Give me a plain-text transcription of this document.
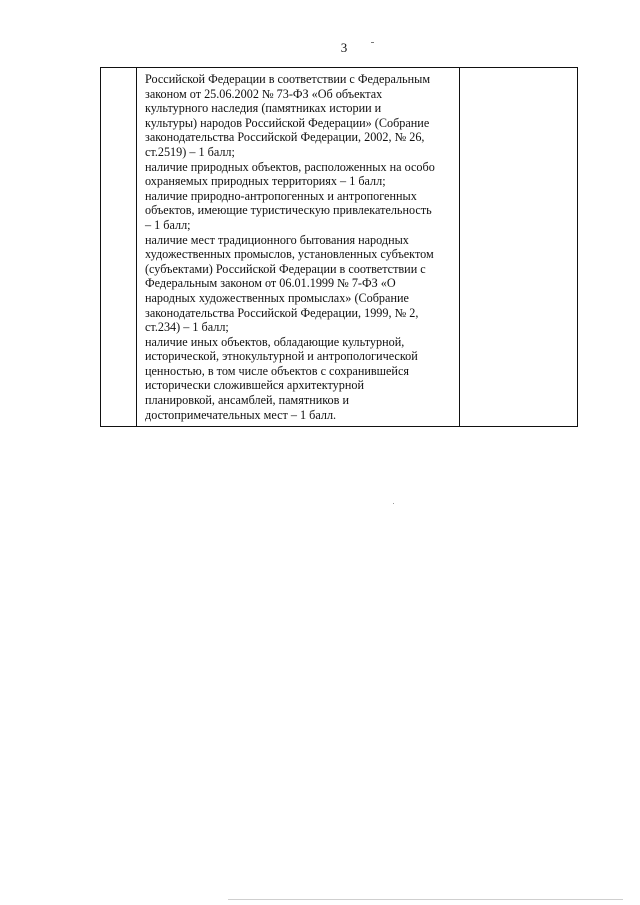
3
Российской Федерации в соответствии с Федеральным
законом от 25.06.2002 № 73-ФЗ «Об объектах
культурного наследия (памятниках истории и
культуры) народов Российской Федерации» (Собрание
законодательства Российской Федерации, 2002, № 26,
ст.2519) – 1 балл;
наличие природных объектов, расположенных на особо
охраняемых природных территориях – 1 балл;
наличие природно-антропогенных и антропогенных
объектов, имеющие туристическую привлекательность
– 1 балл;
наличие мест традиционного бытования народных
художественных промыслов, установленных субъектом
(субъектами) Российской Федерации в соответствии с
Федеральным законом от 06.01.1999 № 7-ФЗ «О
народных художественных промыслах» (Собрание
законодательства Российской Федерации, 1999, № 2,
ст.234) – 1 балл;
наличие иных объектов, обладающие культурной,
исторической, этнокультурной и антропологической
ценностью, в том числе объектов с сохранившейся
исторически сложившейся архитектурной
планировкой, ансамблей, памятников и
достопримечательных мест – 1 балл.
